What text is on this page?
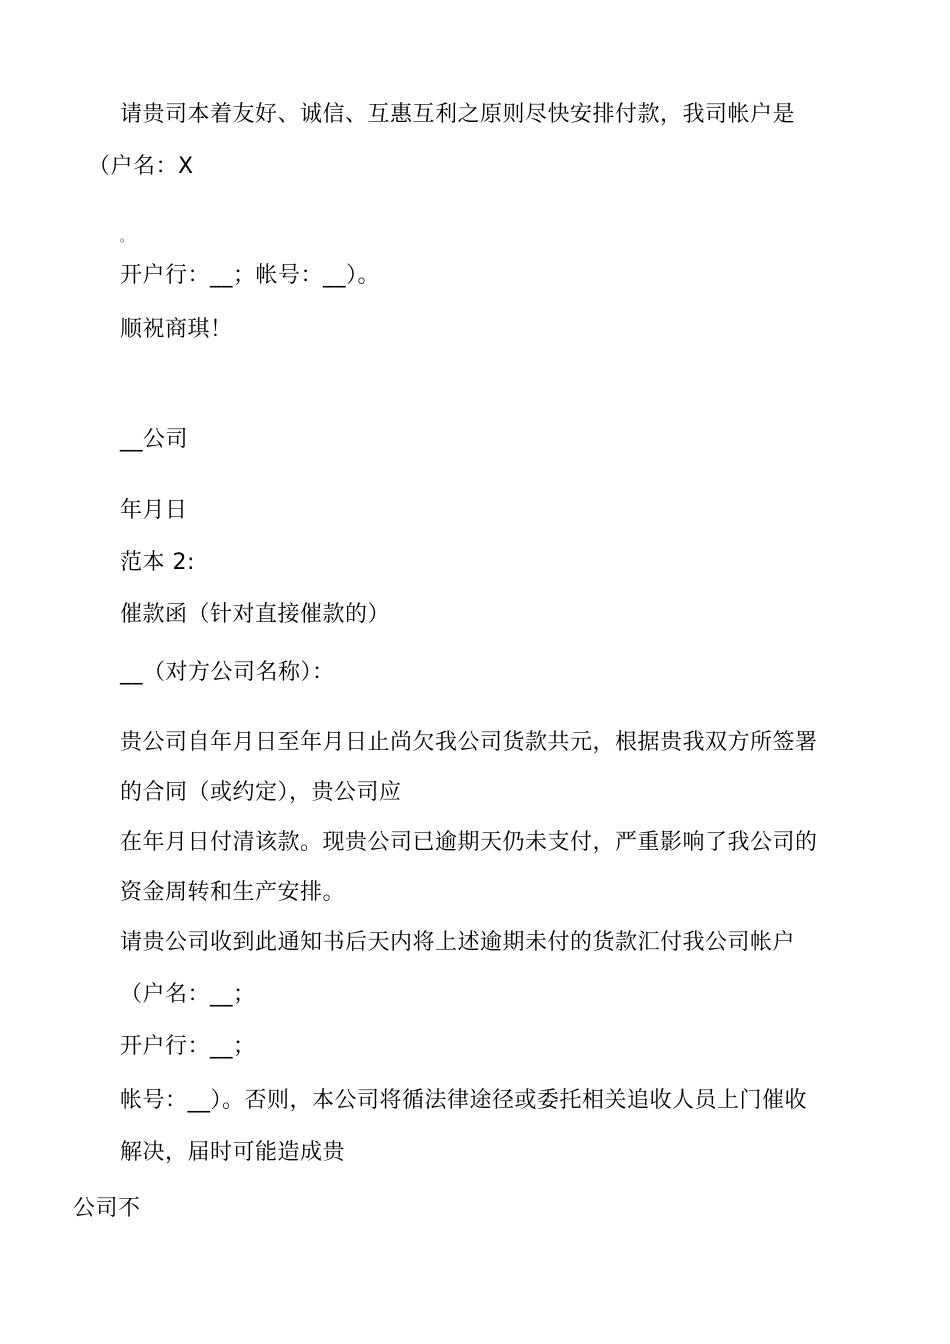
请贵司本着友好、诚信、互惠互利之原则尽快安排付款，我司帐户是
（户名：X
。
开户行：__；帐号：__）。
顺祝商琪！
__公司
年月日
范本 2:
催款函（针对直接催款的）
__（对方公司名称）：
贵公司自年月日至年月日止尚欠我公司货款共元，根据贵我双方所签署
的合同（或约定），贵公司应
在年月日付清该款。现贵公司已逾期天仍未支付，严重影响了我公司的
资金周转和生产安排。
请贵公司收到此通知书后天内将上述逾期未付的货款汇付我公司帐户
（户名：__；
开户行：__；
帐号：__）。否则，本公司将循法律途径或委托相关追收人员上门催收
解决，届时可能造成贵
公司不
